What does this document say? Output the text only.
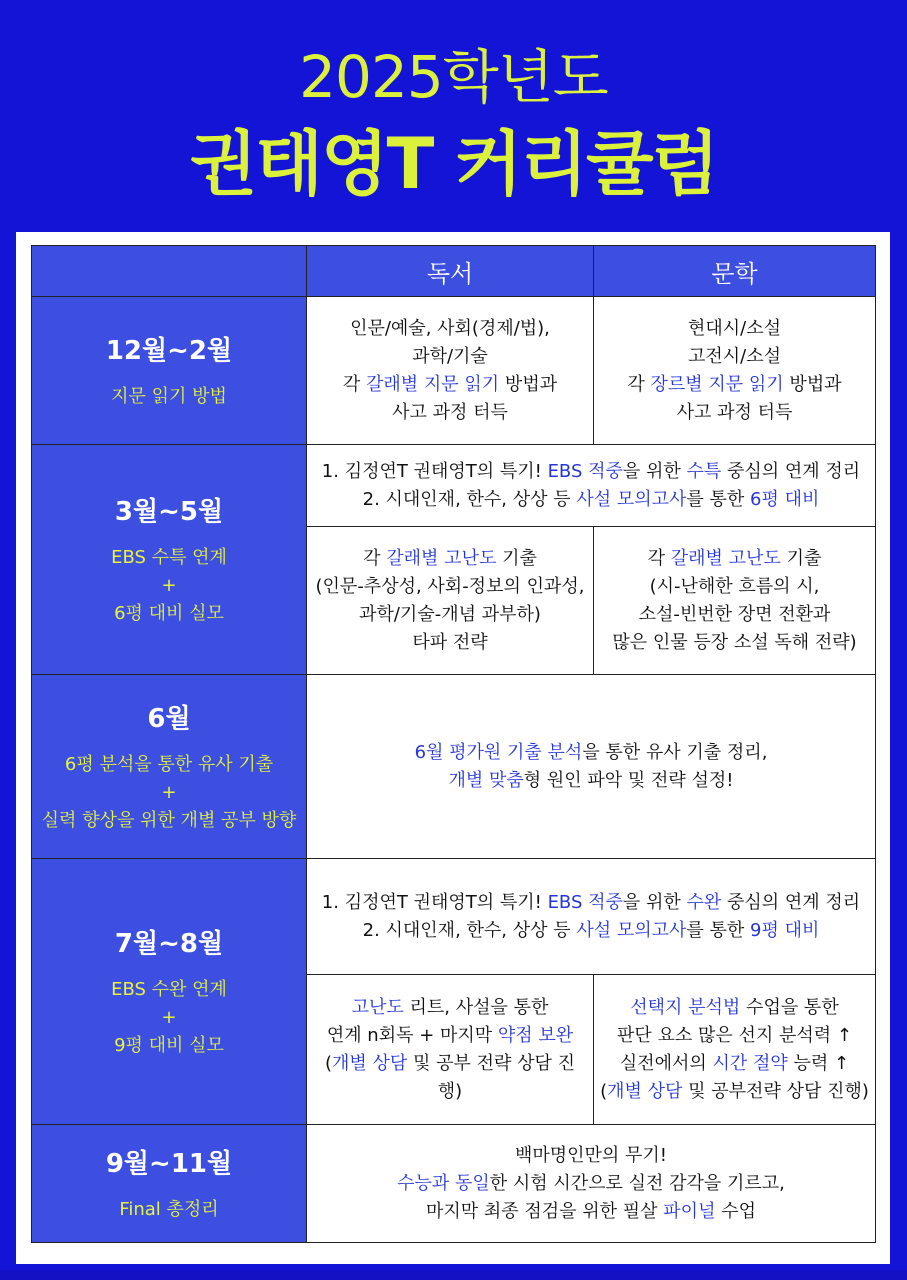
2025학년도
권태영T 커리큘럼
	독서	문학

12월~2월
지문 읽기 방법	인문/예술, 사회(경제/법),
과학/기술
각 갈래별 지문 읽기 방법과
사고 과정 터득	현대시/소설
고전시/소설
각 장르별 지문 읽기 방법과
사고 과정 터득

3월~5월
EBS 수특 연계
+
6평 대비 실모	1. 김정연T 권태영T의 특기! EBS 적중을 위한 수특 중심의 연계 정리
2. 시대인재, 한수, 상상 등 사설 모의고사를 통한 6평 대비	

	각 갈래별 고난도 기출
(인문-추상성, 사회-정보의 인과성,
과학/기술-개념 과부하)
타파 전략	각 갈래별 고난도 기출
(시-난해한 흐름의 시,
소설-빈번한 장면 전환과
많은 인물 등장 소설 독해 전략)

6월
6평 분석을 통한 유사 기출
+
실력 향상을 위한 개별 공부 방향	6월 평가원 기출 분석을 통한 유사 기출 정리,
개별 맞춤형 원인 파악 및 전략 설정!	

7월~8월
EBS 수완 연계
+
9평 대비 실모	1. 김정연T 권태영T의 특기! EBS 적중을 위한 수완 중심의 연계 정리
2. 시대인재, 한수, 상상 등 사설 모의고사를 통한 9평 대비	

	고난도 리트, 사설을 통한
연계 n회독 + 마지막 약점 보완
(개별 상담 및 공부 전략 상담 진행)	선택지 분석법 수업을 통한
판단 요소 많은 선지 분석력 ↑
실전에서의 시간 절약 능력 ↑
(개별 상담 및 공부전략 상담 진행)

9월~11월
Final 총정리	백마명인만의 무기!
수능과 동일한 시험 시간으로 실전 감각을 기르고,
마지막 최종 점검을 위한 필살 파이널 수업	
